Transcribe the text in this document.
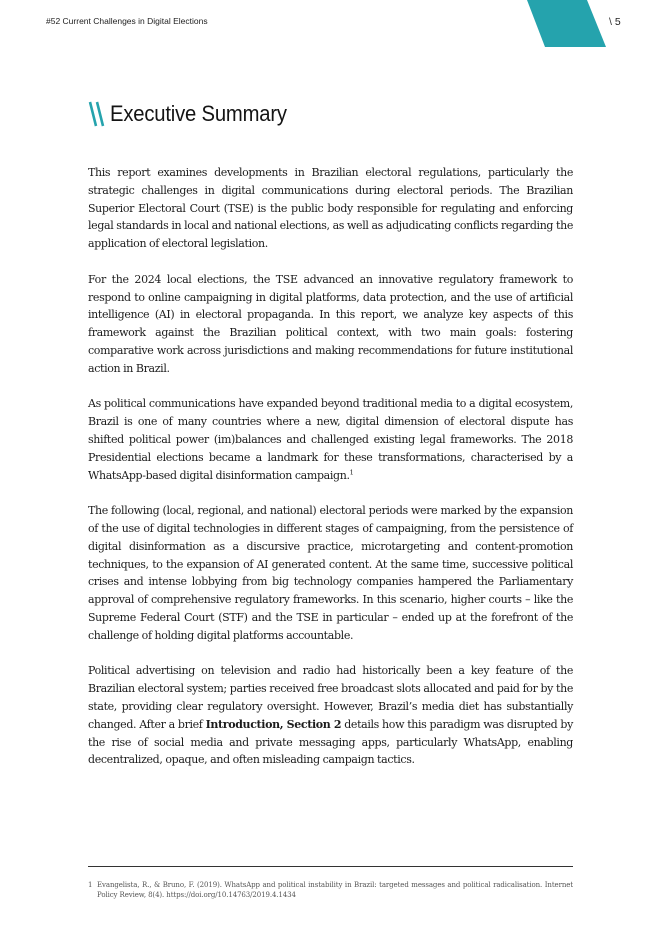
#52 Current Challenges in Digital Elections	\ 5
Executive Summary

This report examines developments in Brazilian electoral regulations, particularly the strategic challenges in digital communications during electoral periods. The Brazilian Superior Electoral Court (TSE) is the public body responsible for regulating and enforcing legal standards in local and national elections, as well as adjudicating conflicts regarding the application of electoral legislation.

For the 2024 local elections, the TSE advanced an innovative regulatory framework to respond to online campaigning in digital platforms, data protection, and the use of artificial intelligence (AI) in electoral propaganda. In this report, we analyze key aspects of this framework against the Brazilian political context, with two main goals: fostering comparative work across jurisdictions and making recommendations for future institutional action in Brazil.

As political communications have expanded beyond traditional media to a digital ecosystem, Brazil is one of many countries where a new, digital dimension of electoral dispute has shifted political power (im)balances and challenged existing legal frameworks. The 2018 Presidential elections became a landmark for these transformations, characterised by a WhatsApp-based digital disinformation campaign.$^1$

The following (local, regional, and national) electoral periods were marked by the expansion of the use of digital technologies in different stages of campaigning, from the persistence of digital disinformation as a discursive practice, microtargeting and content-promotion techniques, to the expansion of AI generated content. At the same time, successive political crises and intense lobbying from big technology companies hampered the Parliamentary approval of comprehensive regulatory frameworks. In this scenario, higher courts – like the Supreme Federal Court (STF) and the TSE in particular – ended up at the forefront of the challenge of holding digital platforms accountable.

Political advertising on television and radio had historically been a key feature of the Brazilian electoral system; parties received free broadcast slots allocated and paid for by the state, providing clear regulatory oversight. However, Brazil’s media diet has substantially changed. After a brief Introduction, Section 2 details how this paradigm was disrupted by the rise of social media and private messaging apps, particularly WhatsApp, enabling decentralized, opaque, and often misleading campaign tactics.

1 Evangelista, R., & Bruno, F. (2019). WhatsApp and political instability in Brazil: targeted messages and political radicalisation. Internet Policy Review, 8(4). https://doi.org/10.14763/2019.4.1434
